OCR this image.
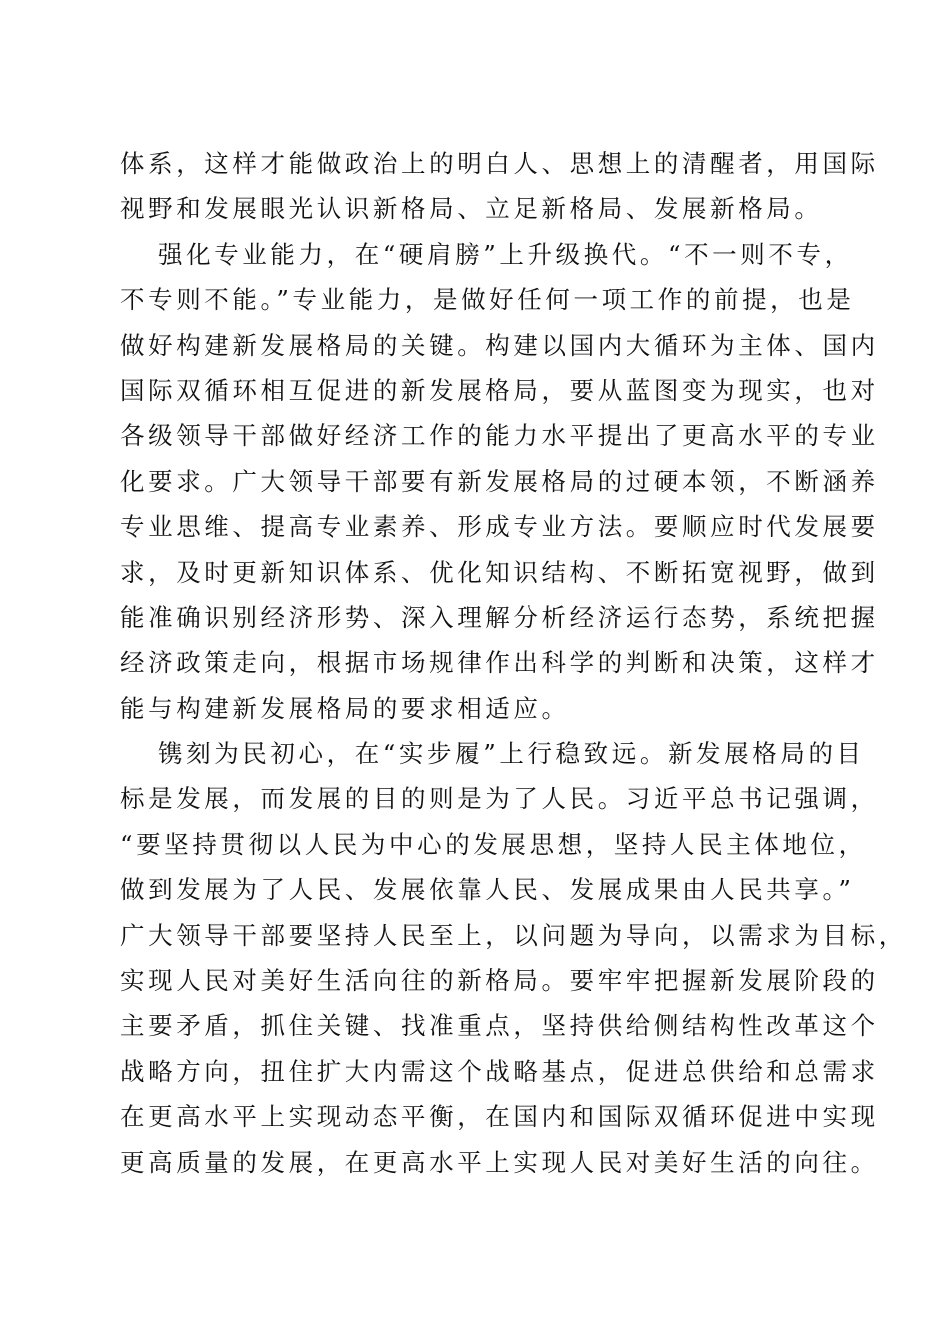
体系，这样才能做政治上的明白人、思想上的清醒者，用国际
视野和发展眼光认识新格局、立足新格局、发展新格局。
强化专业能力，在“硬肩膀”上升级换代。“不一则不专，
不专则不能。”专业能力，是做好任何一项工作的前提，也是
做好构建新发展格局的关键。构建以国内大循环为主体、国内
国际双循环相互促进的新发展格局，要从蓝图变为现实，也对
各级领导干部做好经济工作的能力水平提出了更高水平的专业
化要求。广大领导干部要有新发展格局的过硬本领，不断涵养
专业思维、提高专业素养、形成专业方法。要顺应时代发展要
求，及时更新知识体系、优化知识结构、不断拓宽视野，做到
能准确识别经济形势、深入理解分析经济运行态势，系统把握
经济政策走向，根据市场规律作出科学的判断和决策，这样才
能与构建新发展格局的要求相适应。
镌刻为民初心，在“实步履”上行稳致远。新发展格局的目
标是发展，而发展的目的则是为了人民。习近平总书记强调，
“要坚持贯彻以人民为中心的发展思想，坚持人民主体地位，
做到发展为了人民、发展依靠人民、发展成果由人民共享。”
广大领导干部要坚持人民至上，以问题为导向，以需求为目标，
实现人民对美好生活向往的新格局。要牢牢把握新发展阶段的
主要矛盾，抓住关键、找准重点，坚持供给侧结构性改革这个
战略方向，扭住扩大内需这个战略基点，促进总供给和总需求
在更高水平上实现动态平衡，在国内和国际双循环促进中实现
更高质量的发展，在更高水平上实现人民对美好生活的向往。
